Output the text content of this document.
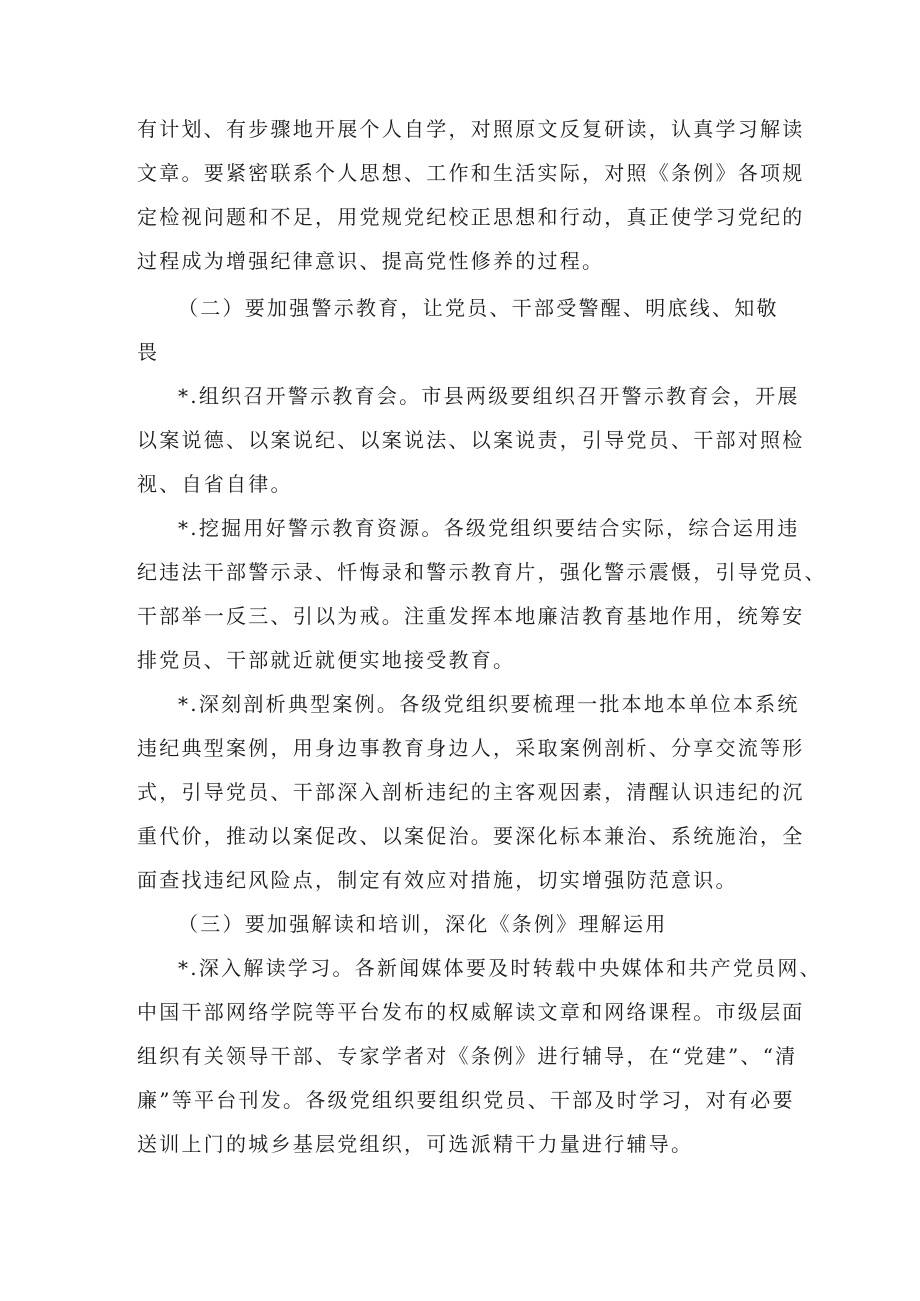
有计划、有步骤地开展个人自学，对照原文反复研读，认真学习解读
文章。要紧密联系个人思想、工作和生活实际，对照《条例》各项规
定检视问题和不足，用党规党纪校正思想和行动，真正使学习党纪的
过程成为增强纪律意识、提高党性修养的过程。
（二）要加强警示教育，让党员、干部受警醒、明底线、知敬
畏
*.组织召开警示教育会。市县两级要组织召开警示教育会，开展
以案说德、以案说纪、以案说法、以案说责，引导党员、干部对照检
视、自省自律。
*.挖掘用好警示教育资源。各级党组织要结合实际，综合运用违
纪违法干部警示录、忏悔录和警示教育片，强化警示震慑，引导党员、
干部举一反三、引以为戒。注重发挥本地廉洁教育基地作用，统筹安
排党员、干部就近就便实地接受教育。
*.深刻剖析典型案例。各级党组织要梳理一批本地本单位本系统
违纪典型案例，用身边事教育身边人，采取案例剖析、分享交流等形
式，引导党员、干部深入剖析违纪的主客观因素，清醒认识违纪的沉
重代价，推动以案促改、以案促治。要深化标本兼治、系统施治，全
面查找违纪风险点，制定有效应对措施，切实增强防范意识。
（三）要加强解读和培训，深化《条例》理解运用
*.深入解读学习。各新闻媒体要及时转载中央媒体和共产党员网、
中国干部网络学院等平台发布的权威解读文章和网络课程。市级层面
组织有关领导干部、专家学者对《条例》进行辅导，在“党建”、“清
廉”等平台刊发。各级党组织要组织党员、干部及时学习，对有必要
送训上门的城乡基层党组织，可选派精干力量进行辅导。
